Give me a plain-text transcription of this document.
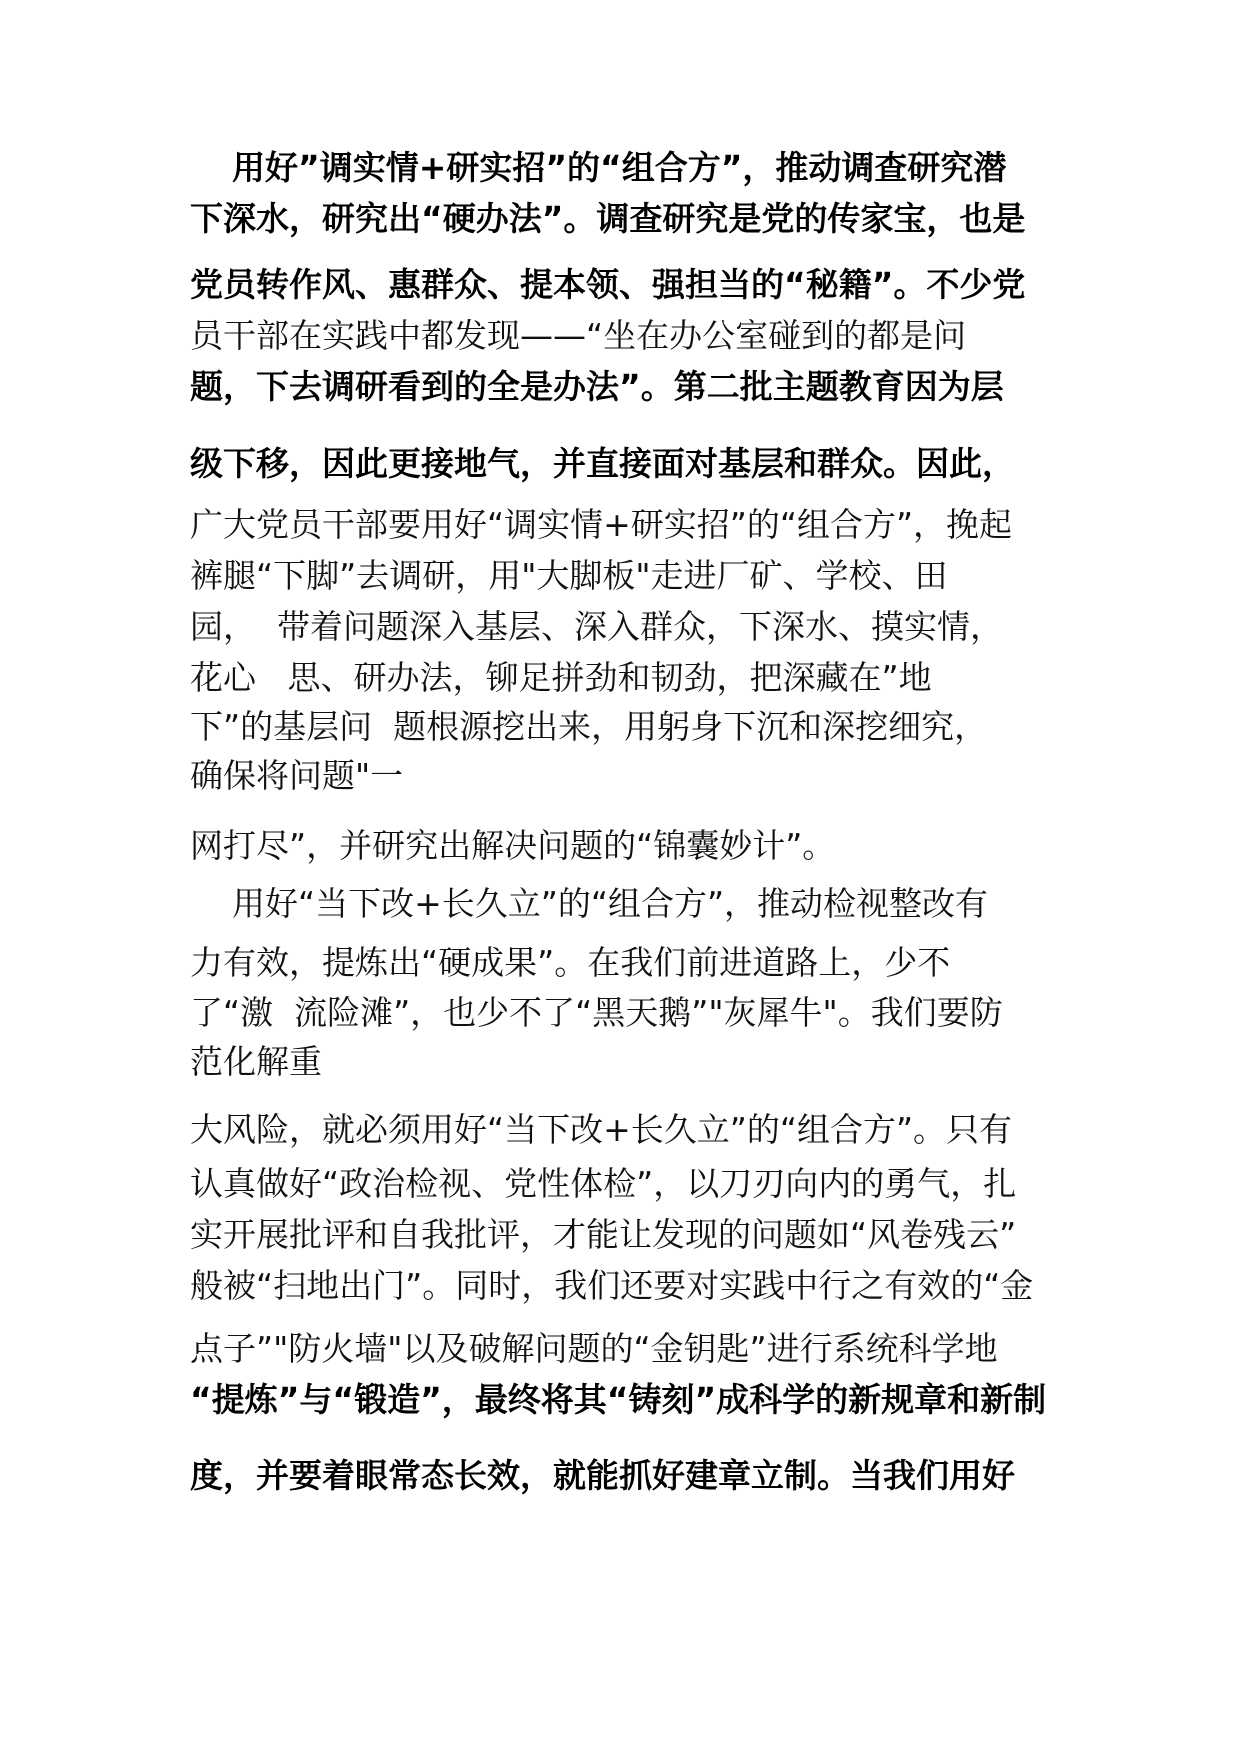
用好”调实情+研实招”的“组合方”，推动调查研究潜
下深水，研究出“硬办法”。调查研究是党的传家宝，也是
党员转作风、惠群众、提本领、强担当的“秘籍”。不少党
员干部在实践中都发现——“坐在办公室碰到的都是问
题，下去调研看到的全是办法”。第二批主题教育因为层
级下移，因此更接地气，并直接面对基层和群众。因此，
广大党员干部要用好“调实情+研实招”的“组合方”，挽起
裤腿“下脚”去调研，用"大脚板"走进厂矿、学校、田
园，  带着问题深入基层、深入群众，下深水、摸实情，
花心   思、研办法，铆足拼劲和韧劲，把深藏在”地
下”的基层问  题根源挖出来，用躬身下沉和深挖细究，
确保将问题"一
网打尽”，并研究出解决问题的“锦囊妙计”。
用好“当下改+长久立”的“组合方”，推动检视整改有
力有效，提炼出“硬成果”。在我们前进道路上，少不
了“激  流险滩”，也少不了“黑天鹅”"灰犀牛"。我们要防
范化解重
大风险，就必须用好“当下改+长久立”的“组合方”。只有
认真做好“政治检视、党性体检”，以刀刃向内的勇气，扎
实开展批评和自我批评，才能让发现的问题如“风卷残云”
般被“扫地出门”。同时，我们还要对实践中行之有效的“金
点子”"防火墙"以及破解问题的“金钥匙”进行系统科学地
“提炼”与“锻造”，最终将其“铸刻”成科学的新规章和新制
度，并要着眼常态长效，就能抓好建章立制。当我们用好
